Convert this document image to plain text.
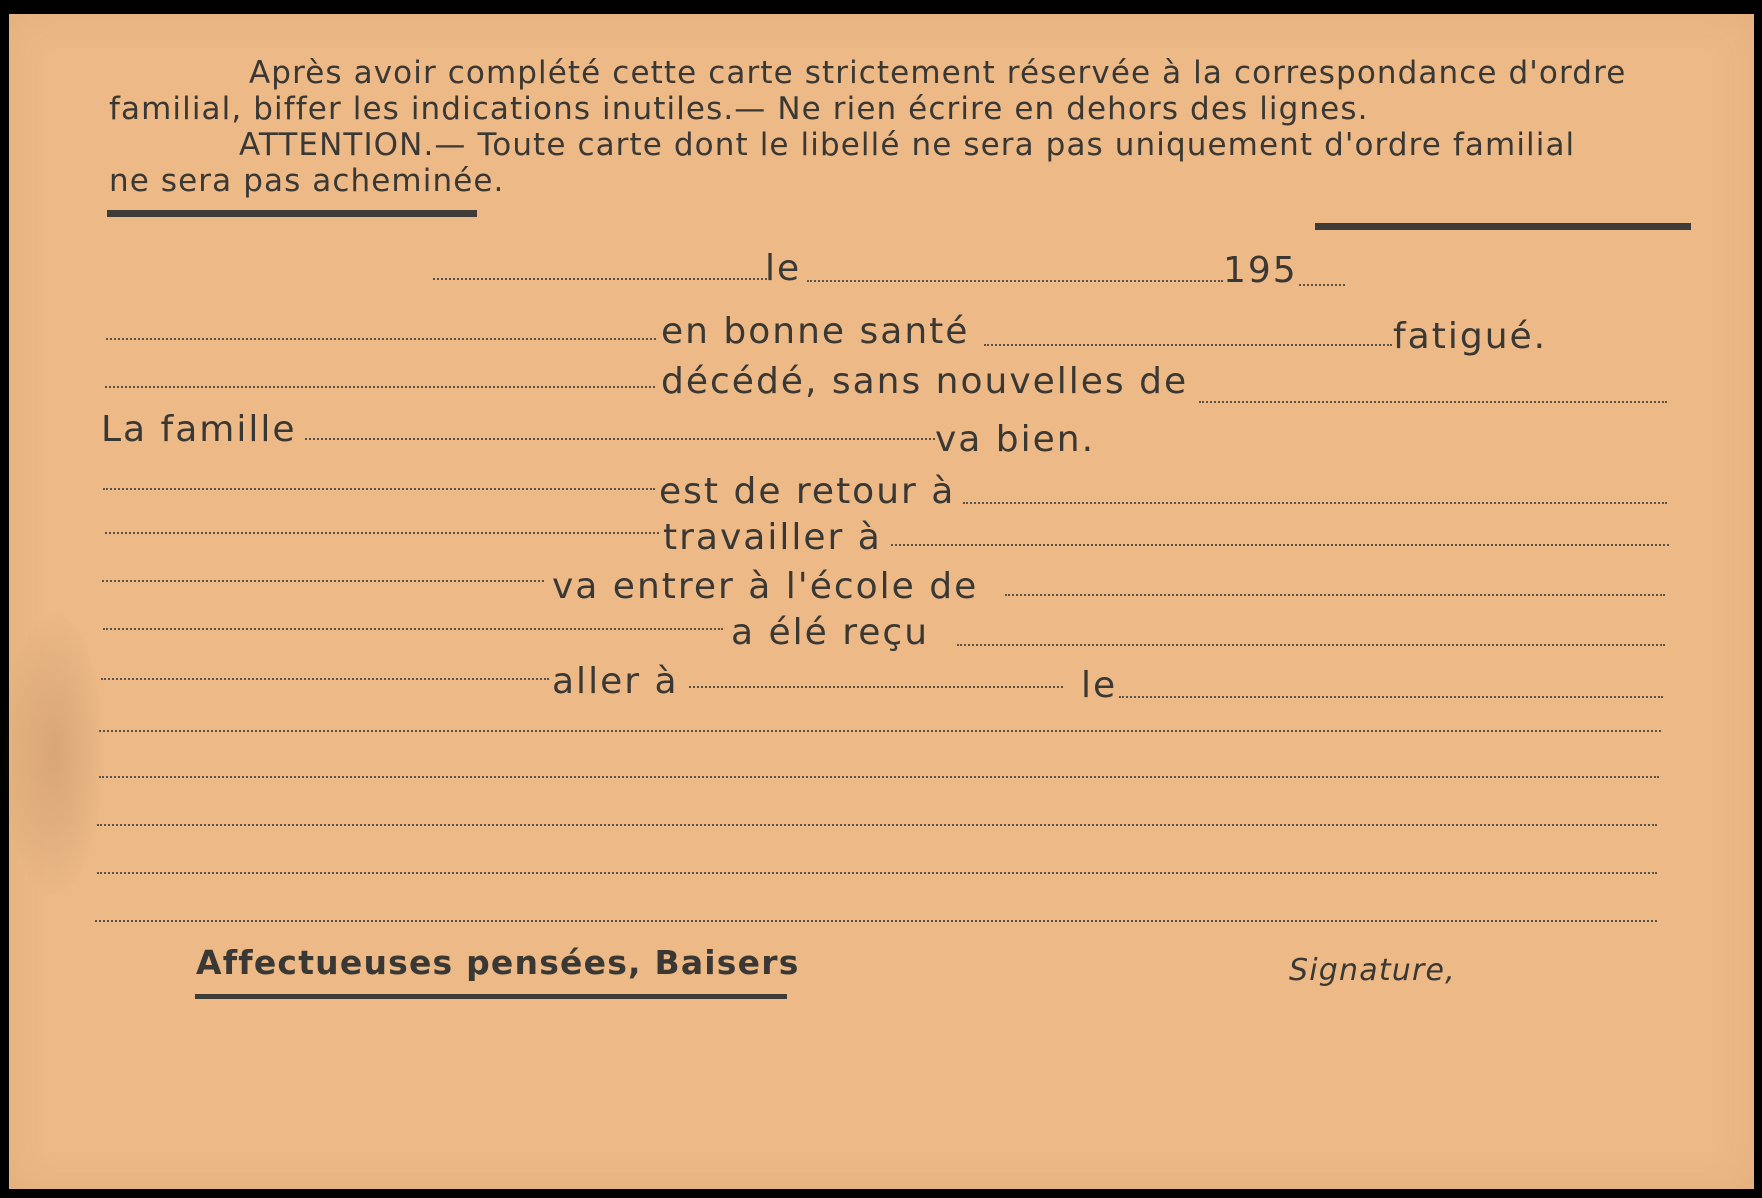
Après avoir complété cette carte strictement réservée à la correspondance d'ordre
familial, biffer les indications inutiles.— Ne rien écrire en dehors des lignes.
ATTENTION.— Toute carte dont le libellé ne sera pas uniquement d'ordre familial
ne sera pas acheminée.
le	195
en bonne santé	fatigué.
décédé, sans nouvelles de
La famille	va bien.
est de retour à
travailler à
va entrer à l'école de
a élé reçu
aller à	le
Affectueuses pensées, Baisers	Signature,
